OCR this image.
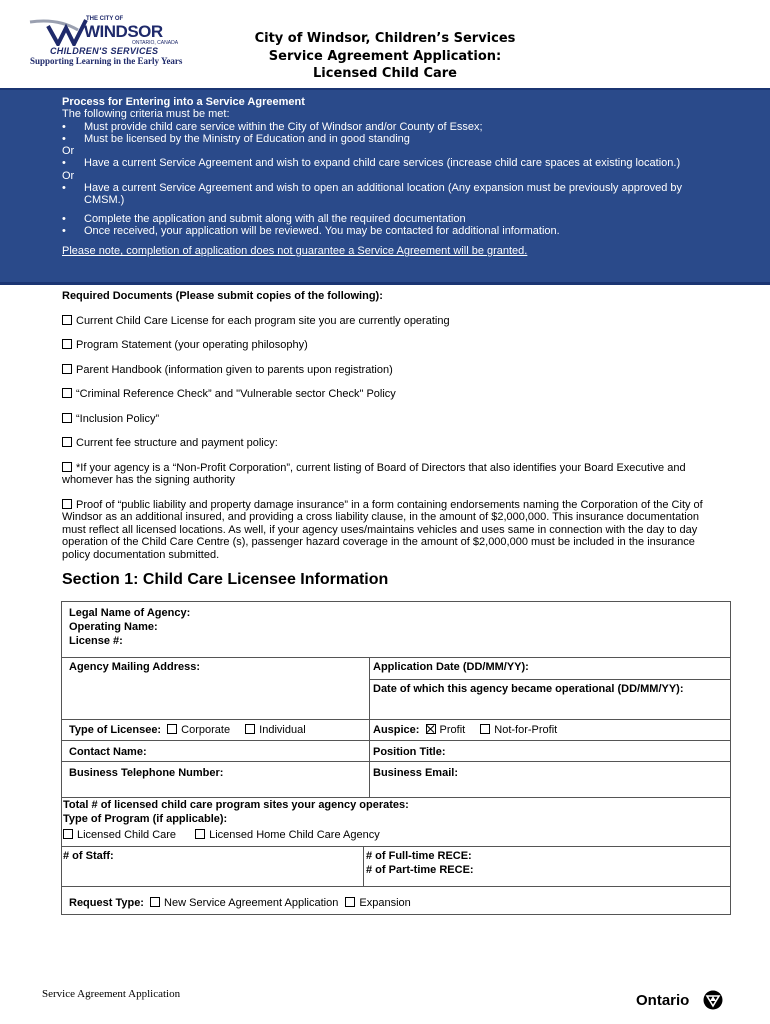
THE CITY OF
WINDSOR
ONTARIO, CANADA
CHILDREN'S SERVICES
Supporting Learning in the Early Years
City of Windsor, Children’s Services
Service Agreement Application:
Licensed Child Care
Process for Entering into a Service Agreement
The following criteria must be met:
• Must provide child care service within the City of Windsor and/or County of Essex;
• Must be licensed by the Ministry of Education and in good standing
Or
• Have a current Service Agreement and wish to expand child care services (increase child care spaces at existing location.)
Or
• Have a current Service Agreement and wish to open an additional location (Any expansion must be previously approved by CMSM.)
• Complete the application and submit along with all the required documentation
• Once received, your application will be reviewed. You may be contacted for additional information.
Please note, completion of application does not guarantee a Service Agreement will be granted.
Required Documents (Please submit copies of the following):
Current Child Care License for each program site you are currently operating
Program Statement (your operating philosophy)
Parent Handbook (information given to parents upon registration)
“Criminal Reference Check” and "Vulnerable sector Check" Policy
“Inclusion Policy”
Current fee structure and payment policy:
*If your agency is a “Non-Profit Corporation”, current listing of Board of Directors that also identifies your Board Executive and whomever has the signing authority
Proof of “public liability and property damage insurance” in a form containing endorsements naming the Corporation of the City of Windsor as an additional insured, and providing a cross liability clause, in the amount of $2,000,000. This insurance documentation must reflect all licensed locations. As well, if your agency uses/maintains vehicles and uses same in connection with the day to day operation of the Child Care Centre (s), passenger hazard coverage in the amount of $2,000,000 must be included in the insurance policy documentation submitted.
Section 1: Child Care Licensee Information
Legal Name of Agency:
Operating Name:
License #:
Agency Mailing Address:	Application Date (DD/MM/YY):
Date of which this agency became operational (DD/MM/YY):
Type of Licensee: Corporate	Individual	Auspice: Profit	Not-for-Profit
Contact Name:	Position Title:
Business Telephone Number:	Business Email:
Total # of licensed child care program sites your agency operates:
Type of Program (if applicable):
Licensed Child Care	Licensed Home Child Care Agency
# of Staff:	# of Full-time RECE:
# of Part-time RECE:
Request Type: New Service Agreement Application Expansion
Service Agreement Application	Ontario
